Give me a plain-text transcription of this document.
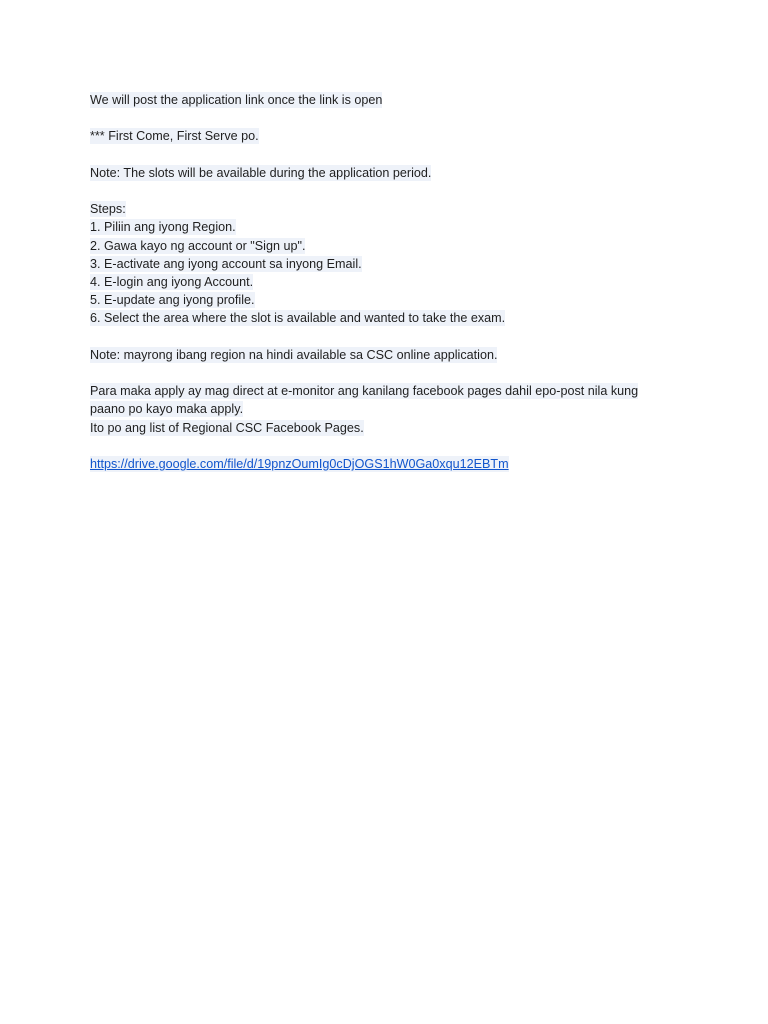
We will post the application link once the link is open
*** First Come, First Serve po.
Note: The slots will be available during the application period.
Steps:
1. Piliin ang iyong Region.
2. Gawa kayo ng account or "Sign up".
3. E-activate ang iyong account sa inyong Email.
4. E-login ang iyong Account.
5. E-update ang iyong profile.
6. Select the area where the slot is available and wanted to take the exam.
Note: mayrong ibang region na hindi available sa CSC online application.
Para maka apply ay mag direct at e-monitor ang kanilang facebook pages dahil epo-post nila kung
paano po kayo maka apply.
Ito po ang list of Regional CSC Facebook Pages.
https://drive.google.com/file/d/19pnzOumIg0cDjOGS1hW0Ga0xqu12EBTm
